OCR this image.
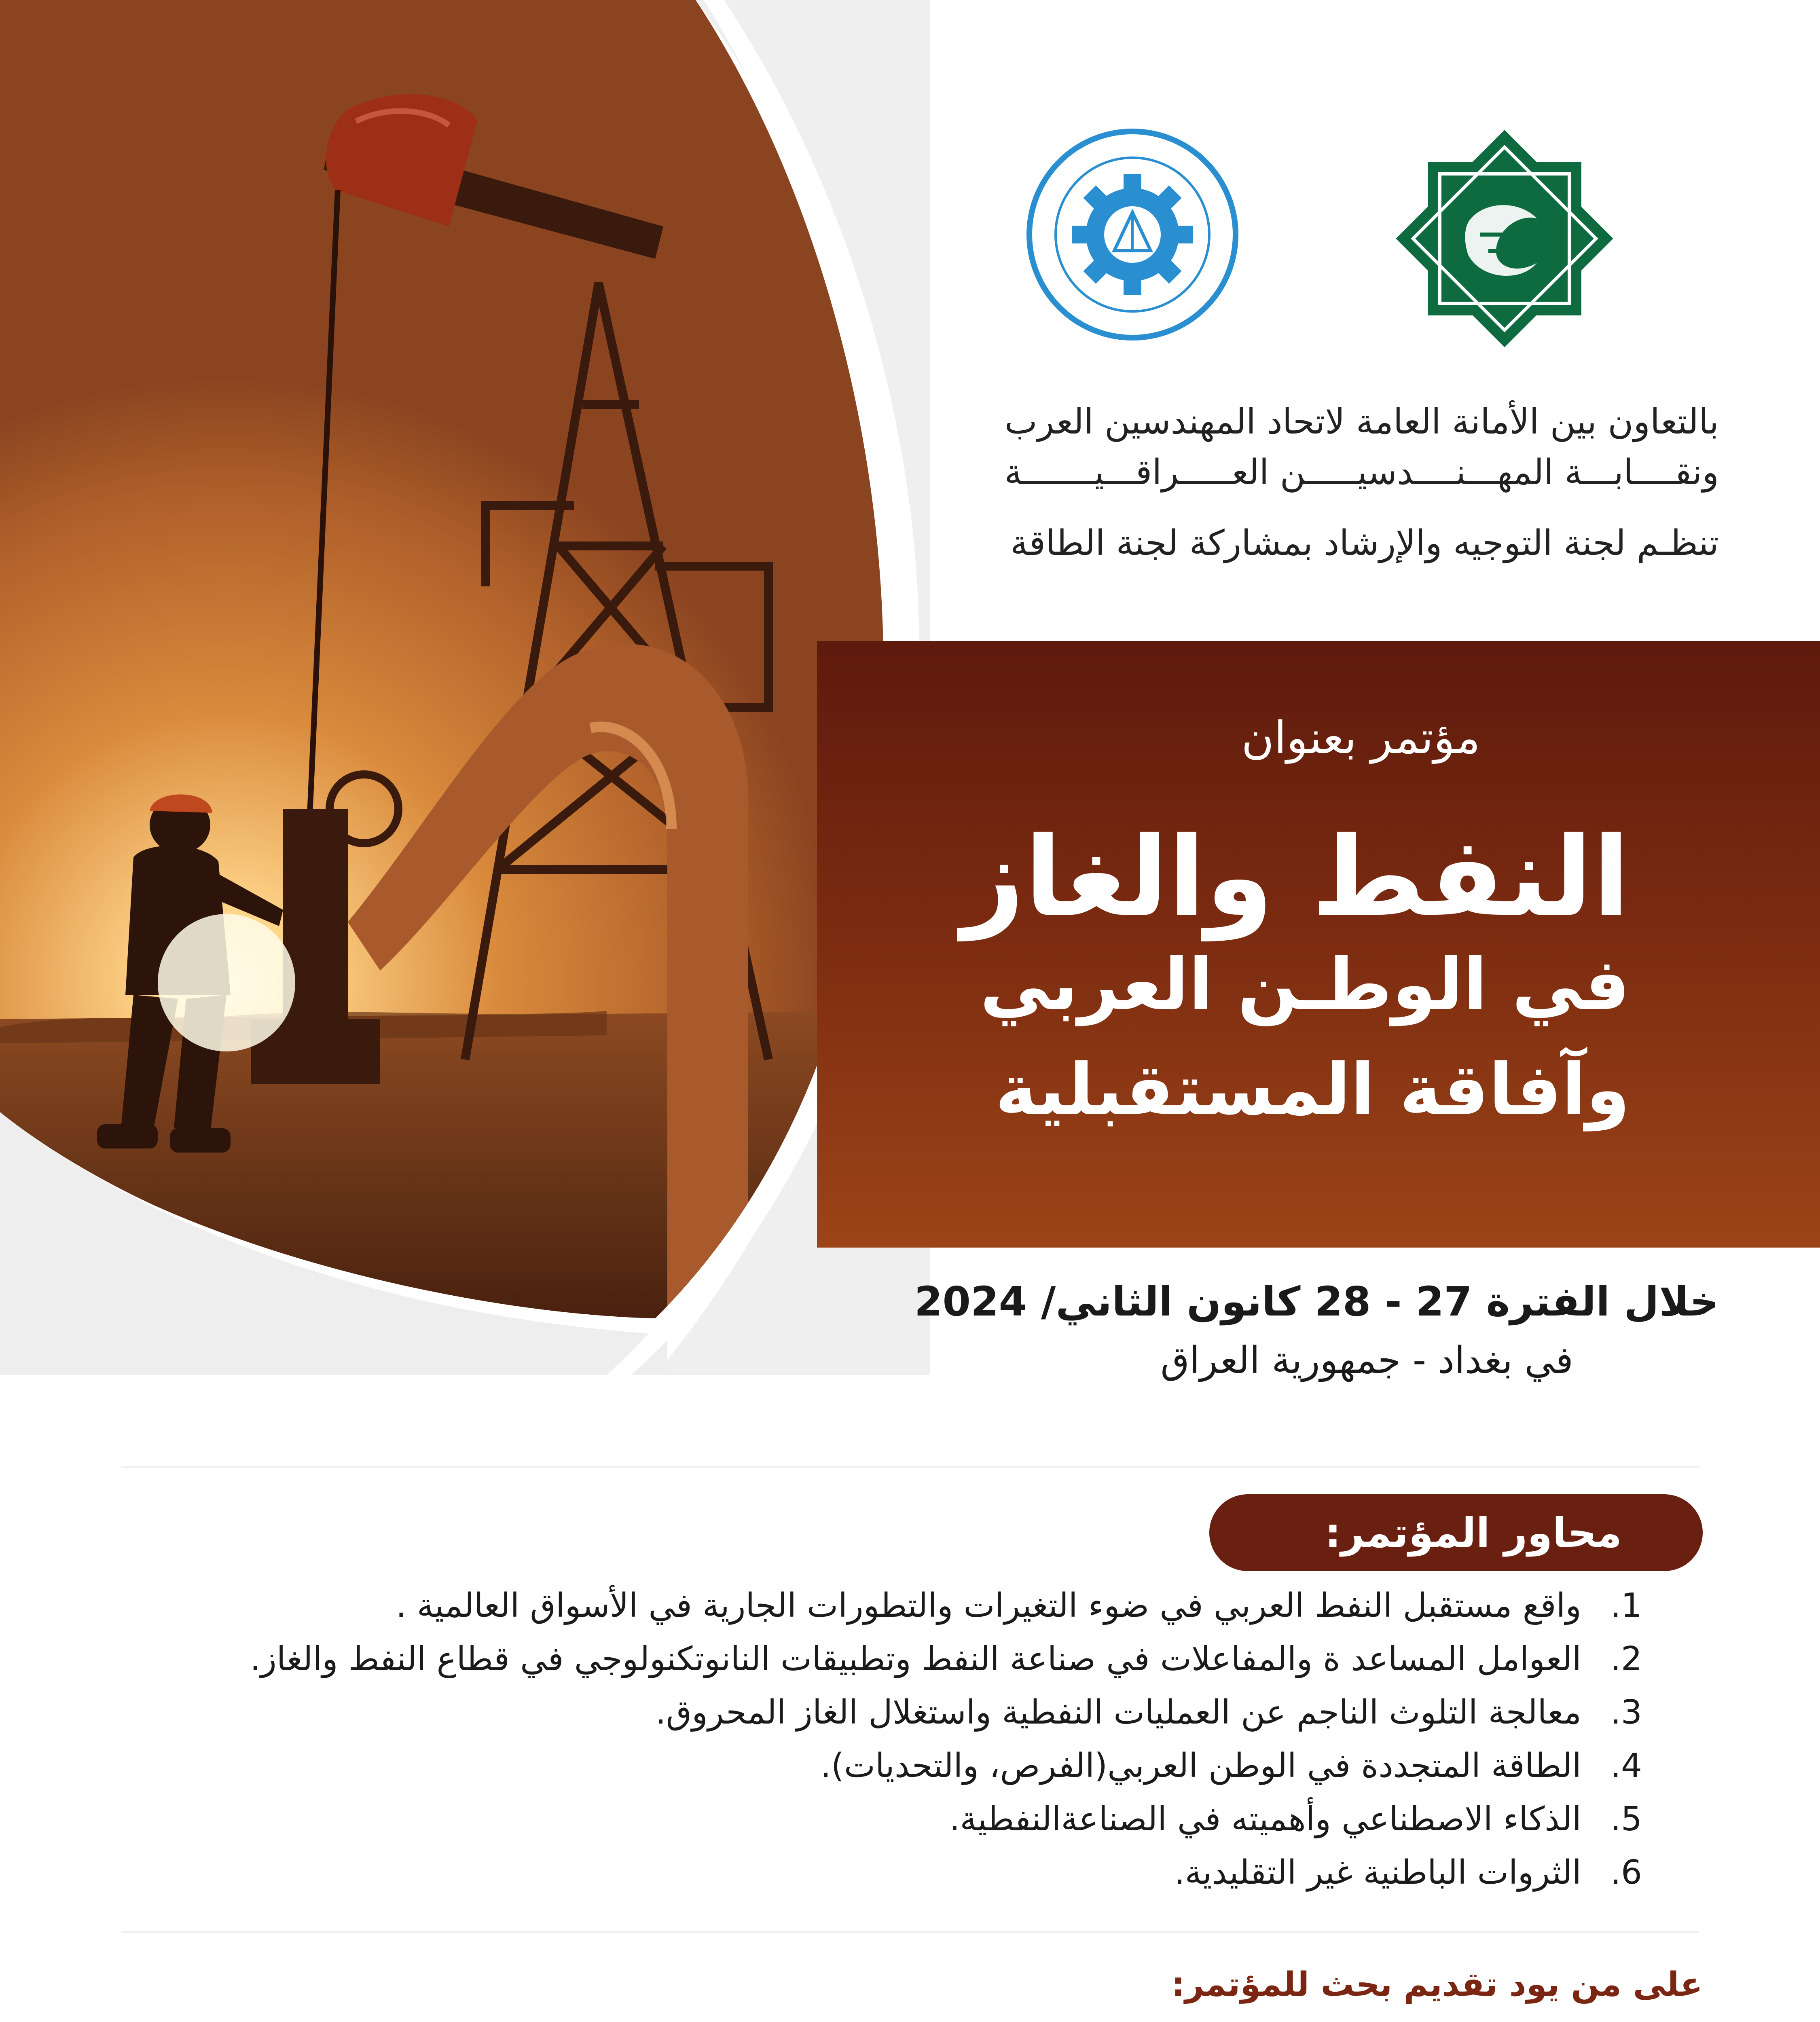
بالتعاون بين الأمانة العامة لاتحاد المهندسين العرب
ونقــــابـــة المهـــنــــدسيـــــن العـــــراقـــيـــــــة
تنظـم لجنة التوجيه والإرشاد بمشاركة لجنة الطاقة
مؤتمر بعنوان
النفط والغاز
في الوطـن العربي
وآفاقة المستقبلية
خلال الفترة 27 - 28 كانون الثاني/ 2024
في بغداد - جمهورية العراق
محاور المؤتمر:
1.
واقع مستقبل النفط العربي في ضوء التغيرات والتطورات الجارية في الأسواق العالمية .
2.
العوامل المساعد ة والمفاعلات في صناعة النفط وتطبيقات النانوتكنولوجي في قطاع النفط والغاز.
3.
معالجة التلوث الناجم عن العمليات النفطية واستغلال الغاز المحروق.
4.
الطاقة المتجددة في الوطن العربي(الفرص، والتحديات).
5.
الذكاء الاصطناعي وأهميته في الصناعةالنفطية.
6.
الثروات الباطنية غير التقليدية.
على من يود تقديم بحث للمؤتمر:
